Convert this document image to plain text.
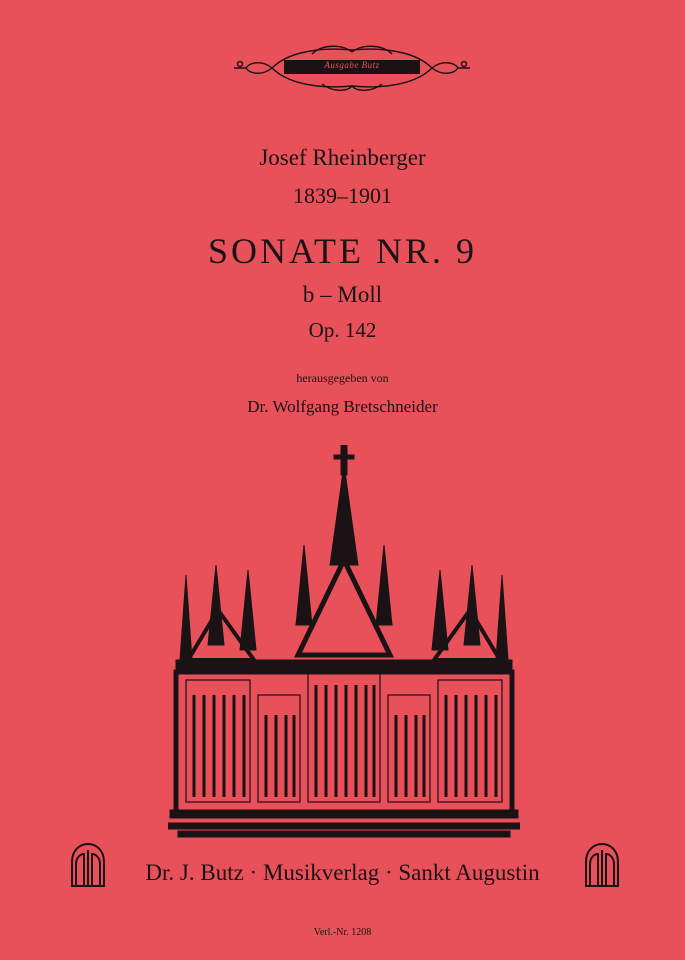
Ausgabe Butz
Josef Rheinberger
1839–1901
SONATE NR. 9
b – Moll
Op. 142
herausgegeben von
Dr. Wolfgang Bretschneider
Dr. J. Butz · Musikverlag · Sankt Augustin
Verl.-Nr. 1208
